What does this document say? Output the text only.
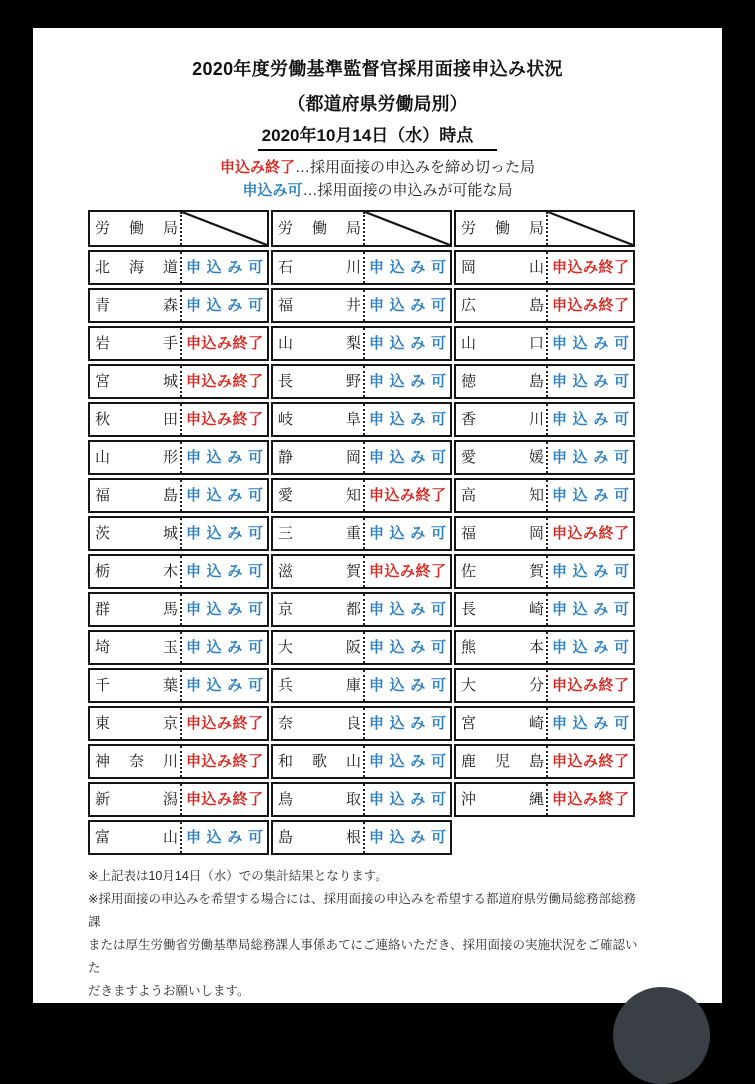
2020年度労働基準監督官採用面接申込み状況
（都道府県労働局別）
2020年10月14日（水）時点
申込み終了…採用面接の申込みを締め切った局
申込み可…採用面接の申込みが可能な局
労働局
北海道 申込み可
青森 申込み可
岩手 申込み終了
宮城 申込み終了
秋田 申込み終了
山形 申込み可
福島 申込み可
茨城 申込み可
栃木 申込み可
群馬 申込み可
埼玉 申込み可
千葉 申込み可
東京 申込み終了
神奈川 申込み終了
新潟 申込み終了
富山 申込み可
労働局
石川 申込み可
福井 申込み可
山梨 申込み可
長野 申込み可
岐阜 申込み可
静岡 申込み可
愛知 申込み終了
三重 申込み可
滋賀 申込み終了
京都 申込み可
大阪 申込み可
兵庫 申込み可
奈良 申込み可
和歌山 申込み可
鳥取 申込み可
島根 申込み可
労働局
岡山 申込み終了
広島 申込み終了
山口 申込み可
徳島 申込み可
香川 申込み可
愛媛 申込み可
高知 申込み可
福岡 申込み終了
佐賀 申込み可
長崎 申込み可
熊本 申込み可
大分 申込み終了
宮崎 申込み可
鹿児島 申込み終了
沖縄 申込み終了
※上記表は10月14日（水）での集計結果となります。
※採用面接の申込みを希望する場合には、採用面接の申込みを希望する都道府県労働局総務部総務課
または厚生労働省労働基準局総務課人事係あてにご連絡いただき、採用面接の実施状況をご確認いた
だきますようお願いします。
